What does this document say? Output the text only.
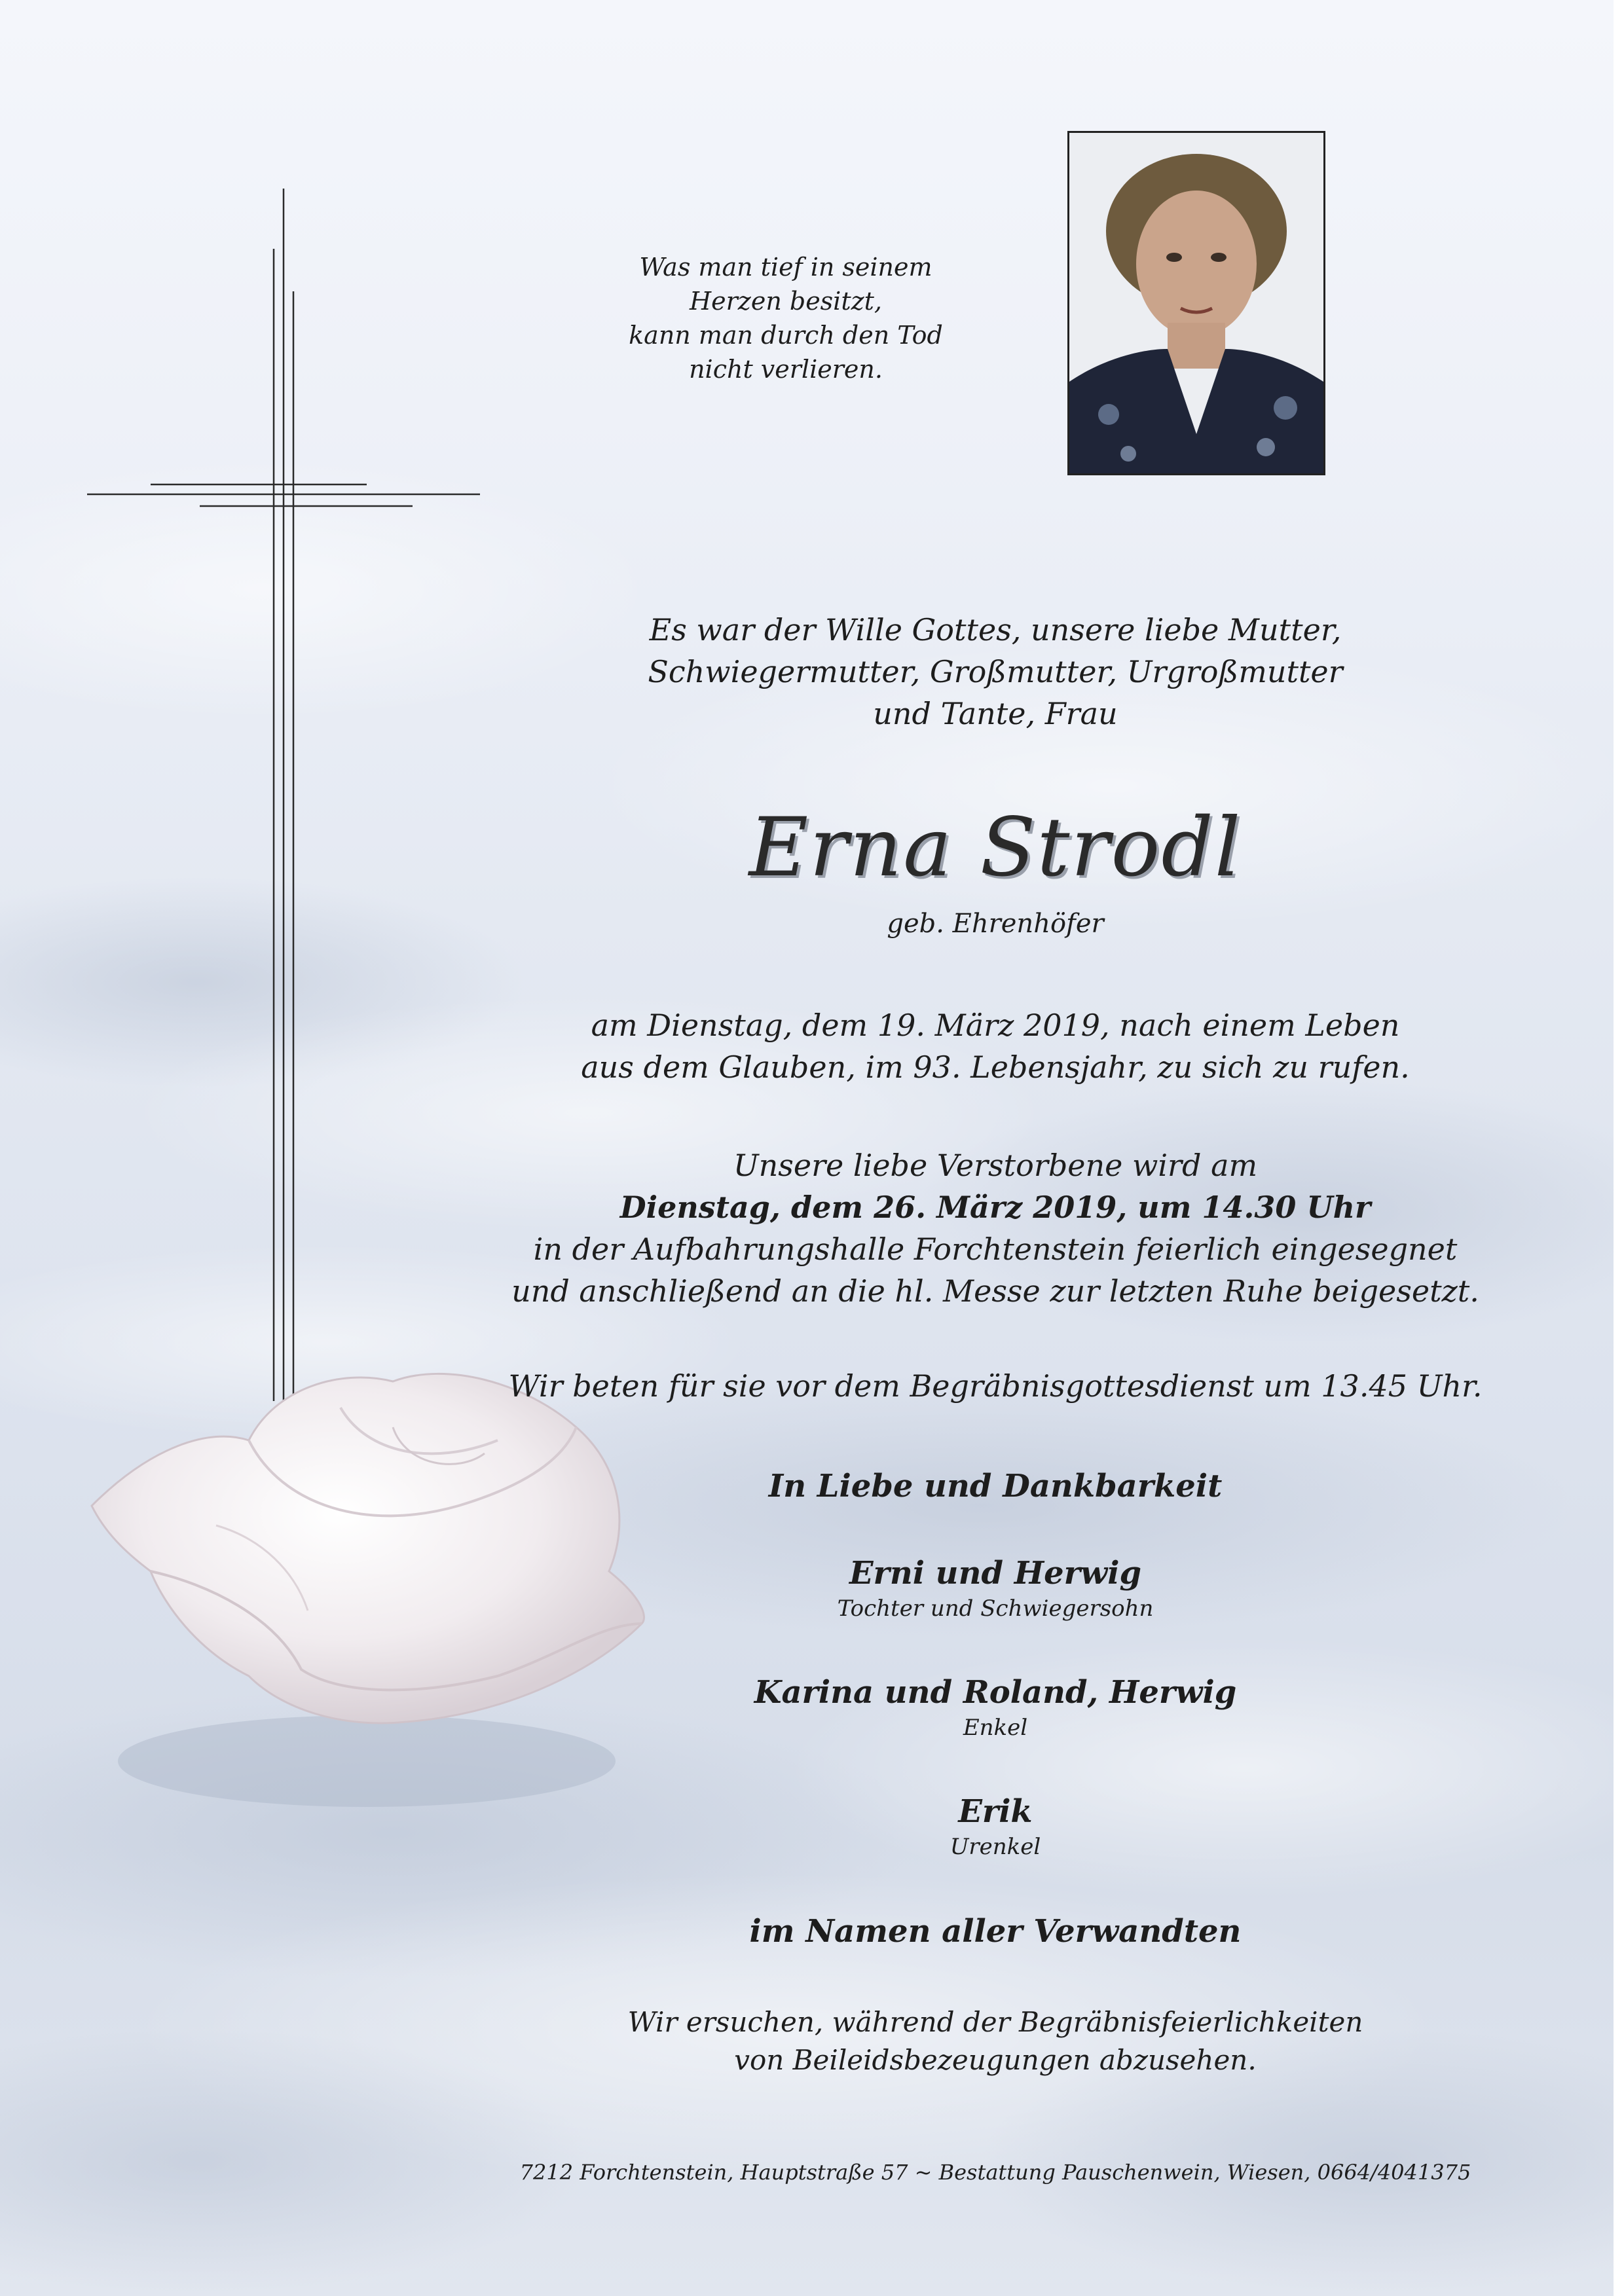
Was man tief in seinem
Herzen besitzt,
kann man durch den Tod
nicht verlieren.
Es war der Wille Gottes, unsere liebe Mutter,
Schwiegermutter, Großmutter, Urgroßmutter
und Tante, Frau
Erna Strodl
geb. Ehrenhöfer
am Dienstag, dem 19. März 2019, nach einem Leben
aus dem Glauben, im 93. Lebensjahr, zu sich zu rufen.
Unsere liebe Verstorbene wird am
Dienstag, dem 26. März 2019, um 14.30 Uhr
in der Aufbahrungshalle Forchtenstein feierlich eingesegnet
und anschließend an die hl. Messe zur letzten Ruhe beigesetzt.
Wir beten für sie vor dem Begräbnisgottesdienst um 13.45 Uhr.
In Liebe und Dankbarkeit
Erni und Herwig
Tochter und Schwiegersohn
Karina und Roland, Herwig
Enkel
Erik
Urenkel
im Namen aller Verwandten
Wir ersuchen, während der Begräbnisfeierlichkeiten
von Beileidsbezeugungen abzusehen.
7212 Forchtenstein, Hauptstraße 57 ~ Bestattung Pauschenwein, Wiesen, 0664/4041375
